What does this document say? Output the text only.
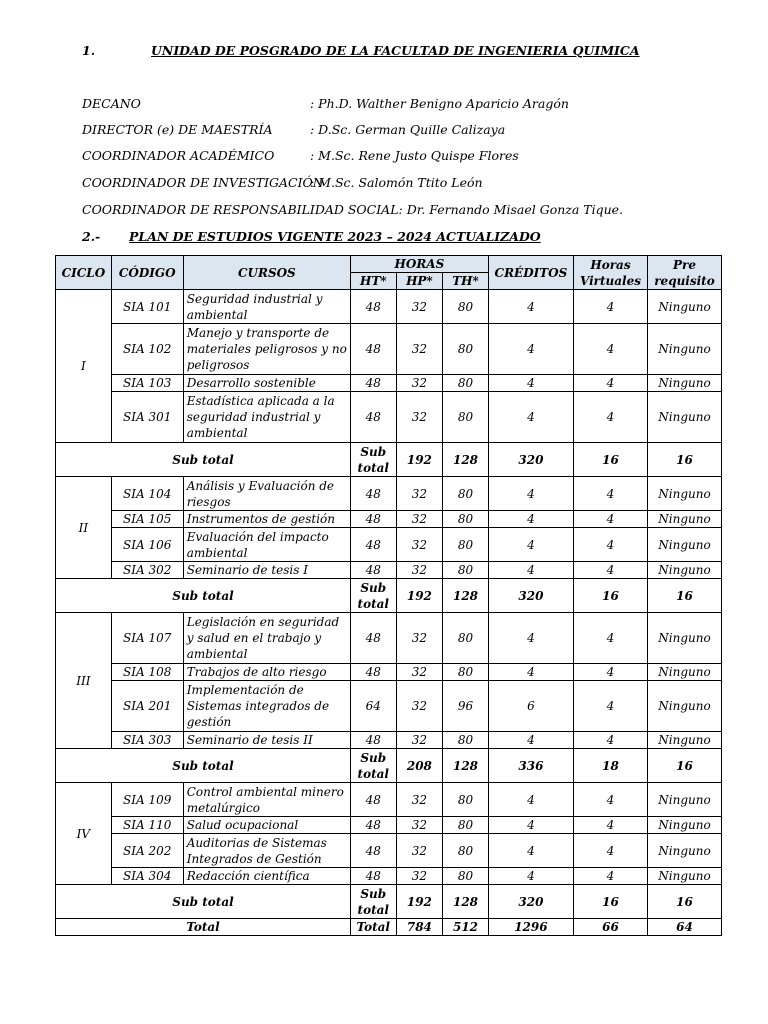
1.	UNIDAD DE POSGRADO DE LA FACULTAD DE INGENIERIA QUIMICA
DECANO	: Ph.D. Walther Benigno Aparicio Aragón
DIRECTOR (e) DE MAESTRÍA	: D.Sc. German Quille Calizaya
COORDINADOR ACADÉMICO	: M.Sc. Rene Justo Quispe Flores
COORDINADOR DE INVESTIGACIÓN
: M.Sc. Salomón Ttito León
COORDINADOR DE RESPONSABILIDAD SOCIAL: Dr. Fernando Misael Gonza Tique.
2.- PLAN DE ESTUDIOS VIGENTE 2023 – 2024 ACTUALIZADO
CICLO	CÓDIGO	CURSOS	HORAS			CRÉDITOS	Horas Virtuales	Pre requisito
			HT*	HP*	TH*			
I	SIA 101	Seguridad industrial y ambiental	48	32	80	4	4	Ninguno
	SIA 102	Manejo y transporte de materiales peligrosos y no peligrosos	48	32	80	4	4	Ninguno
	SIA 103	Desarrollo sostenible	48	32	80	4	4	Ninguno
	SIA 301	Estadística aplicada a la seguridad industrial y ambiental	48	32	80	4	4	Ninguno
Sub total			Sub total	192	128	320	16	16
II	SIA 104	Análisis y Evaluación de riesgos	48	32	80	4	4	Ninguno
	SIA 105	Instrumentos de gestión	48	32	80	4	4	Ninguno
	SIA 106	Evaluación del impacto ambiental	48	32	80	4	4	Ninguno
	SIA 302	Seminario de tesis I	48	32	80	4	4	Ninguno
Sub total			Sub total	192	128	320	16	16
III	SIA 107	Legislación en seguridad y salud en el trabajo y ambiental	48	32	80	4	4	Ninguno
	SIA 108	Trabajos de alto riesgo	48	32	80	4	4	Ninguno
	SIA 201	Implementación de Sistemas integrados de gestión	64	32	96	6	4	Ninguno
	SIA 303	Seminario de tesis II	48	32	80	4	4	Ninguno
Sub total			Sub total	208	128	336	18	16
IV	SIA 109	Control ambiental minero metalúrgico	48	32	80	4	4	Ninguno
	SIA 110	Salud ocupacional	48	32	80	4	4	Ninguno
	SIA 202	Auditorias de Sistemas Integrados de Gestión	48	32	80	4	4	Ninguno
	SIA 304	Redacción científica	48	32	80	4	4	Ninguno
Sub total			Sub total	192	128	320	16	16
Total			Total	784	512	1296	66	64
